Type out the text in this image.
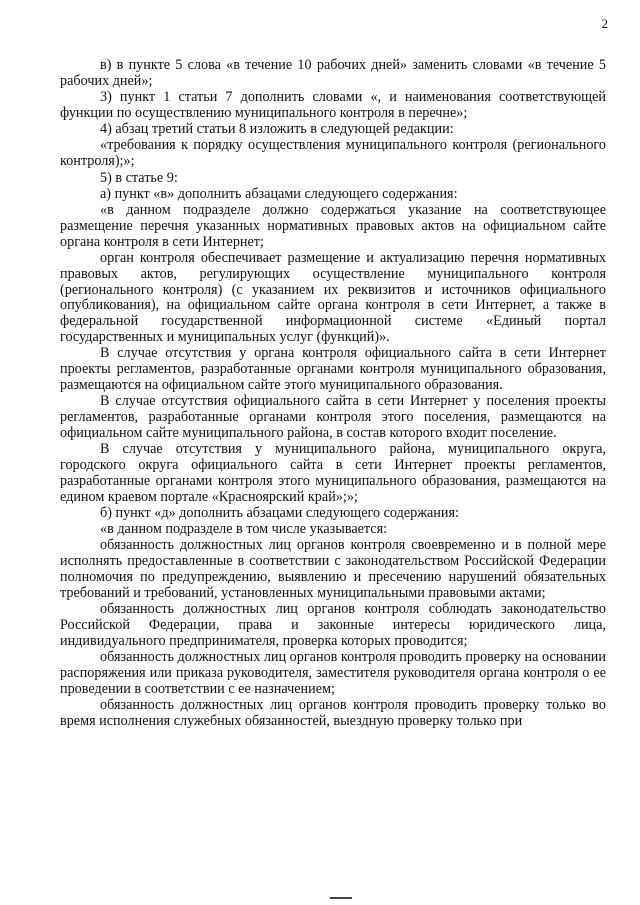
2

в) в пункте 5 слова «в течение 10 рабочих дней» заменить словами «в течение 5 рабочих дней»;

3) пункт 1 статьи 7 дополнить словами «, и наименования соответствующей функции по осуществлению муниципального контроля в перечне»;

4) абзац третий статьи 8 изложить в следующей редакции:

«требования к порядку осуществления муниципального контроля (регионального контроля);»;

5) в статье 9:

а) пункт «в» дополнить абзацами следующего содержания:

«в данном подразделе должно содержаться указание на соответствующее размещение перечня указанных нормативных правовых актов на официальном сайте органа контроля в сети Интернет;

орган контроля обеспечивает размещение и актуализацию перечня нормативных правовых актов, регулирующих осуществление муниципального контроля (регионального контроля) (с указанием их реквизитов и источников официального опубликования), на официальном сайте органа контроля в сети Интернет, а также в федеральной государственной информационной системе «Единый портал государственных и муниципальных услуг (функций)».

В случае отсутствия у органа контроля официального сайта в сети Интернет проекты регламентов, разработанные органами контроля муниципального образования, размещаются на официальном сайте этого муниципального образования.

В случае отсутствия официального сайта в сети Интернет у поселения проекты регламентов, разработанные органами контроля этого поселения, размещаются на официальном сайте муниципального района, в состав которого входит поселение.

В случае отсутствия у муниципального района, муниципального округа, городского округа официального сайта в сети Интернет проекты регламентов, разработанные органами контроля этого муниципального образования, размещаются на едином краевом портале «Красноярский край»;»;

б) пункт «д» дополнить абзацами следующего содержания:

«в данном подразделе в том числе указывается:

обязанность должностных лиц органов контроля своевременно и в полной мере исполнять предоставленные в соответствии с законодательством Российской Федерации полномочия по предупреждению, выявлению и пресечению нарушений обязательных требований и требований, установленных муниципальными правовыми актами;

обязанность должностных лиц органов контроля соблюдать законодательство Российской Федерации, права и законные интересы юридического лица, индивидуального предпринимателя, проверка которых проводится;

обязанность должностных лиц органов контроля проводить проверку на основании распоряжения или приказа руководителя, заместителя руководителя органа контроля о ее проведении в соответствии с ее назначением;

обязанность должностных лиц органов контроля проводить проверку только во время исполнения служебных обязанностей, выездную проверку только при
